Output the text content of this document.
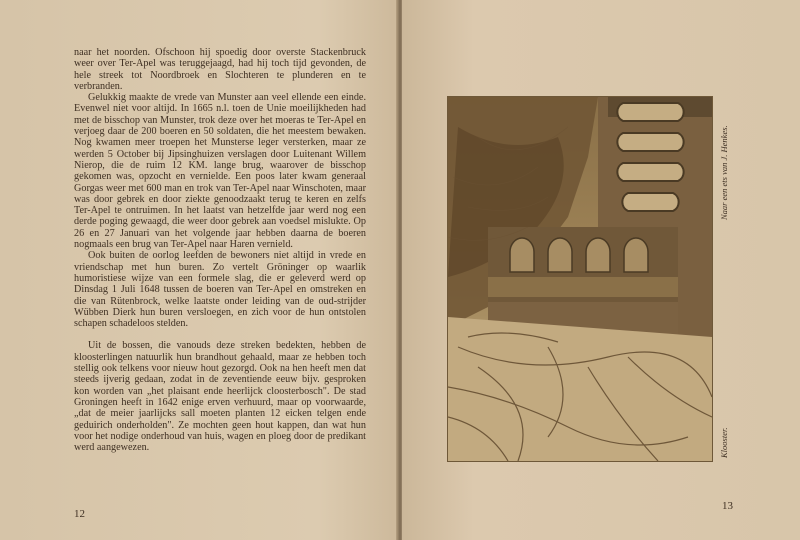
naar het noorden. Ofschoon hij spoedig door overste Stackenbruck weer over Ter-Apel was teruggejaagd, had hij toch tijd gevonden, de hele streek tot Noordbroek en Slochteren te plunderen en te verbranden.

Gelukkig maakte de vrede van Munster aan veel ellende een einde. Evenwel niet voor altijd. In 1665 n.l. toen de Unie moeilijkheden had met de bisschop van Munster, trok deze over het moeras te Ter-Apel en verjoeg daar de 200 boeren en 50 soldaten, die het meestem bewaken. Nog kwamen meer troepen het Munsterse leger versterken, maar ze werden 5 October bij Jipsinghuizen verslagen door Luitenant Willem Nierop, die de ruim 12 KM. lange brug, waarover de bisschop gekomen was, opzocht en vernielde. Een poos later kwam generaal Gorgas weer met 600 man en trok van Ter-Apel naar Winschoten, maar was door gebrek en door ziekte genoodzaakt terug te keren en zelfs Ter-Apel te ontruimen. In het laatst van hetzelfde jaar werd nog een derde poging gewaagd, die weer door gebrek aan voedsel mislukte. Op 26 en 27 Januari van het volgende jaar hebben daarna de boeren nogmaals een brug van Ter-Apel naar Haren vernield.

Ook buiten de oorlog leefden de bewoners niet altijd in vrede en vriendschap met hun buren. Zo vertelt Gröninger op waarlik humoristiese wijze van een formele slag, die er geleverd werd op Dinsdag 1 Juli 1648 tussen de boeren van Ter-Apel en omstreken en die van Rütenbrock, welke laatste onder leiding van de oud-strijder Wübben Dierk hun buren versloegen, en zich voor de hun ontstolen schapen schadeloos stelden.

Uit de bossen, die vanouds deze streken bedekten, hebben de kloosterlingen natuurlik hun brandhout gehaald, maar ze hebben toch stellig ook telkens voor nieuw hout gezorgd. Ook na hen heeft men dat steeds ijverig gedaan, zodat in de zeventiende eeuw bijv. gesproken kon worden van „het plaisant ende heerlijck cloosterbosch". De stad Groningen heeft in 1642 enige erven verhuurd, maar op voorwaarde, „dat de meier jaarlijcks sall moeten planten 12 eicken telgen ende geduirich onderholden". Ze mochten geen hout kappen, dan wat hun voor het nodige onderhoud van huis, wagen en ploeg door de predikant werd aangewezen.

12
Naar een ets van J. Henkes.
Klooster.
13
